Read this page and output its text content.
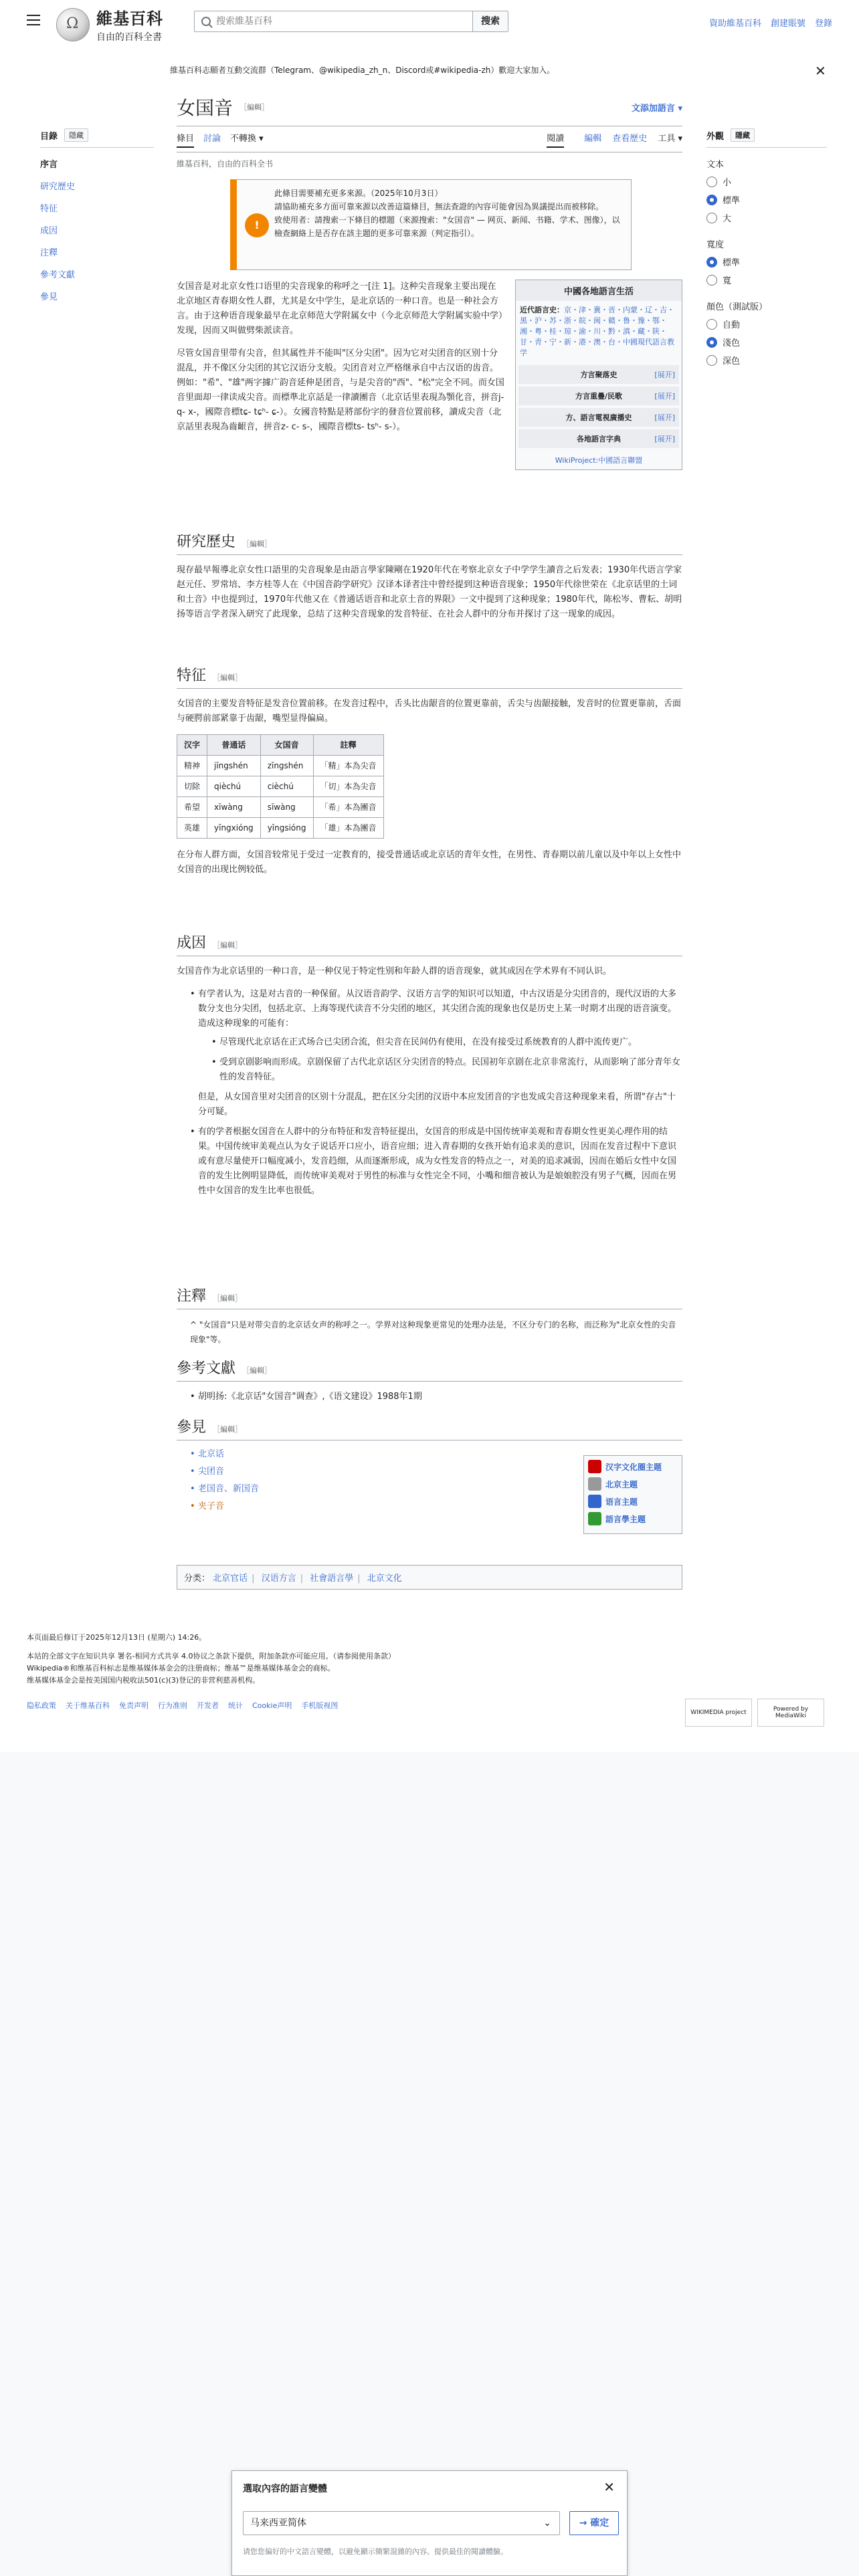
Ω
維基百科
自由的百科全書
搜索維基百科
搜索	資助維基百科 創建賬號 登錄
維基百科志願者互動交流群（Telegram、@wikipedia_zh_n、Discord或#wikipedia-zh）歡迎大家加入。	✕
目錄	隱藏
序言
研究歷史
特征
成因
注釋
參考文獻
參見
女国音 ［編輯］	文添加語言 ▾
條目 討論 不轉換 ▾	閱讀 編輯 查看歷史 工具 ▾
維基百科，自由的百科全书
!
此條目需要補充更多來源。（2025年10月3日）
請協助補充多方面可靠來源以改善這篇條目，無法查證的內容可能會因為異議提出而被移除。
致使用者：請搜索一下條目的標題（來源搜索："女国音" — 网页、新闻、书籍、学术、图像），以檢查網絡上是否存在該主題的更多可靠來源（判定指引）。
中國各地語言生活
近代語言史：京・津・冀・晋・内蒙・辽・吉・黑・沪・苏・浙・皖・闽・赣・鲁・豫・鄂・湘・粤・桂・琼・渝・川・黔・滇・藏・陕・甘・青・宁・新・港・澳・台・中國現代語言教学
方言聚落史	[展开]
方言重疊/民歌	[展开]
方、語言電視廣播史	[展开]
各地語言字典	[展开]
WikiProject:中國語言聯盟
女国音是对北京女性口语里的尖音现象的称呼之一[注 1]。这种尖音现象主要出现在北京地区青春期女性人群，尤其是女中学生，是北京话的一种口音。也是一种社会方言。由于这种语音现象最早在北京师范大学附属女中（今北京师范大学附属实验中学）发现，因而又叫做劈柴派读音。
尽管女国音里带有尖音，但其属性并不能叫"区分尖团"。因为它对尖团音的区别十分混乱，并不像区分尖团的其它汉语分支般。尖团音对立严格继承自中古汉语的齿音。例如："希"、"雄"两字據广韵音延伸是团音，与是尖音的"西"、"松"完全不同。而女国音里面却一律读成尖音。而標準北京話是一律讀團音（北京话里表現為顎化音，拼音j- q- x-，國際音標tɕ- tɕʰ- ɕ-）。女國音特點是將部份字的發音位置前移，讀成尖音（北京話里表現為齒齦音，拼音z- c- s-，國際音標ts- tsʰ- s-）。
研究歷史 ［編輯］
現存最早報導北京女性口語里的尖音現象是由語言學家陳剛在1920年代在考察北京女子中学学生讀音之后发表；1930年代语言学家赵元任、罗常培、李方桂等人在《中国音韵学研究》汉译本译者注中曾经提到这种语音现象；1950年代徐世荣在《北京话里的土词和土音》中也提到过，1970年代他又在《普通话语音和北京土音的界限》一文中提到了这种现象；1980年代，陈松岑、曹耘、胡明扬等语言学者深入研究了此现象，总结了这种尖音现象的发音特征、在社会人群中的分布并探讨了这一现象的成因。
特征 ［編輯］
女国音的主要发音特征是发音位置前移。在发音过程中，舌头比齿龈音的位置更靠前，舌尖与齿龈接触，发音时的位置更靠前，舌面与硬腭前部紧靠于齿龈，嘴型显得偏扁。
汉字	普通话	女国音	註釋
精神	jīngshén	zīngshén	「精」本為尖音
切除	qièchú	cièchú	「切」本為尖音
希望	xīwàng	sīwàng	「希」本為團音
英雄	yīngxióng	yīngsióng	「雄」本為團音
在分布人群方面，女国音较常见于受过一定教育的，接受普通话或北京话的青年女性，在男性、青春期以前儿童以及中年以上女性中女国音的出现比例较低。
成因 ［編輯］
女国音作为北京话里的一种口音，是一种仅见于特定性别和年龄人群的语音现象，就其成因在学术界有不同认识。
• 有学者认为，这是对古音的一种保留。从汉语音韵学、汉语方言学的知识可以知道，中古汉语是分尖团音的，现代汉语的大多数分支也分尖团，包括北京、上海等现代读音不分尖团的地区，其尖团合流的现象也仅是历史上某一时期才出现的语音演变。造成这种现象的可能有：
• 尽管现代北京话在正式场合已尖团合流，但尖音在民间仍有使用，在没有接受过系统教育的人群中流传更广。
• 受到京剧影响而形成。京剧保留了古代北京话区分尖团音的特点。民国初年京剧在北京非常流行，从而影响了部分青年女性的发音特征。
但是，从女国音里对尖团音的区别十分混乱，把在区分尖团的汉语中本应发团音的字也发成尖音这种现象来看，所谓"存古"十分可疑。
• 有的学者根据女国音在人群中的分布特征和发音特征提出，女国音的形成是中国传统审美观和青春期女性更美心理作用的结果。中国传统审美观点认为女子说话开口应小，语音应细；进入青春期的女孩开始有追求美的意识，因而在发音过程中下意识或有意尽量使开口幅度减小，发音趋细，从而逐渐形成，成为女性发音的特点之一，对美的追求减弱，因而在婚后女性中女国音的发生比例明显降低，而传统审美观对于男性的标准与女性完全不同，小嘴和细音被认为是娘娘腔没有男子气概，因而在男性中女国音的发生比率也很低。
注釋 ［編輯］
^ "女国音"只是对带尖音的北京话女声的称呼之一。学界对这种现象更常见的处理办法是，不区分专门的名称，而泛称为"北京女性的尖音现象"等。
參考文獻 ［編輯］
• 胡明扬:《北京话"女国音"调查》,《语文建设》1988年1期
參見 ［編輯］
• 北京话
• 尖团音
• 老国音、新国音
• 夹子音
汉字文化圈主题
北京主題
语言主题
語言學主題
分类： 北京官话 | 汉语方言 | 社會語言學 | 北京文化
外觀	隱藏
文本
小
標準
大
寬度
標準
寬
顏色（測試版）
自動
淺色
深色
本页面最后修订于2025年12月13日 (星期六) 14:26。
本站的全部文字在知识共享 署名-相同方式共享 4.0协议之条款下提供，附加条款亦可能应用。（请参阅使用条款）
Wikipedia®和维基百科标志是维基媒体基金会的注册商标；维基™是维基媒体基金会的商标。
维基媒体基金会是按美国国内税收法501(c)(3)登记的非营利慈善机构。
隐私政策 关于维基百科 免责声明 行为准则 开发者 统计 Cookie声明 手机版视图
WIKIMEDIA project	Powered by MediaWiki
選取內容的語言變體	✕
马来西亚简体	⌄	→ 確定
请您您偏好的中文語言變體，以避免顯示簡繁混雜的內容。提供最佳的閱讀體驗。
